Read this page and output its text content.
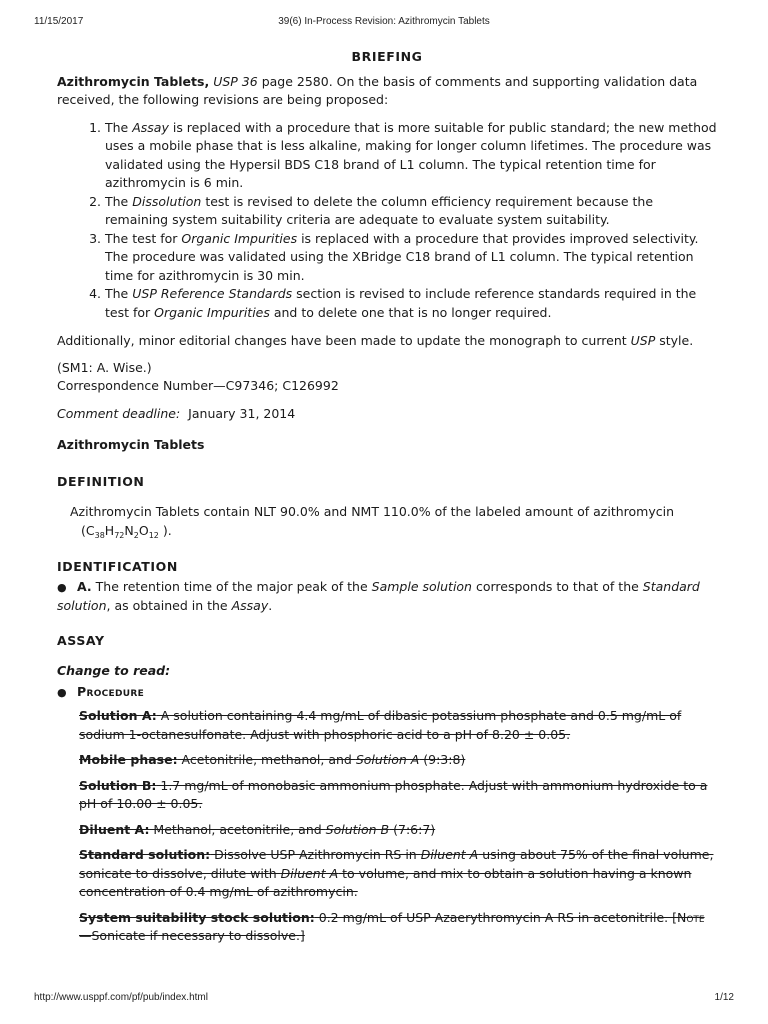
11/15/2017	39(6) In-Process Revision: Azithromycin Tablets
BRIEFING

Azithromycin Tablets, USP 36 page 2580. On the basis of comments and supporting validation data received, the following revisions are being proposed:

1. The Assay is replaced with a procedure that is more suitable for public standard; the new method uses a mobile phase that is less alkaline, making for longer column lifetimes. The procedure was validated using the Hypersil BDS C18 brand of L1 column. The typical retention time for azithromycin is 6 min.
2. The Dissolution test is revised to delete the column efficiency requirement because the remaining system suitability criteria are adequate to evaluate system suitability.
3. The test for Organic Impurities is replaced with a procedure that provides improved selectivity. The procedure was validated using the XBridge C18 brand of L1 column. The typical retention time for azithromycin is 30 min.
4. The USP Reference Standards section is revised to include reference standards required in the test for Organic Impurities and to delete one that is no longer required.

Additionally, minor editorial changes have been made to update the monograph to current USP style.

(SM1: A. Wise.)

Correspondence Number—C97346; C126992

Comment deadline: January 31, 2014

Azithromycin Tablets
DEFINITION
Azithromycin Tablets contain NLT 90.0% and NMT 110.0% of the labeled amount of azithromycin
($C_{38}H_{72}N_2O_{12}$ ).
IDENTIFICATION

● A. The retention time of the major peak of the Sample solution corresponds to that of the Standard solution, as obtained in the Assay.

ASSAY
Change to read:
● Procedure

Solution A: A solution containing 4.4 mg/mL of dibasic potassium phosphate and 0.5 mg/mL of sodium 1-octanesulfonate. Adjust with phosphoric acid to a pH of 8.20 ± 0.05.

Mobile phase: Acetonitrile, methanol, and Solution A (9:3:8)

Solution B: 1.7 mg/mL of monobasic ammonium phosphate. Adjust with ammonium hydroxide to a pH of 10.00 ± 0.05.

Diluent A: Methanol, acetonitrile, and Solution B (7:6:7)

Standard solution: Dissolve USP Azithromycin RS in Diluent A using about 75% of the final volume, sonicate to dissolve, dilute with Diluent A to volume, and mix to obtain a solution having a known concentration of 0.4 mg/mL of azithromycin.

System suitability stock solution: 0.2 mg/mL of USP Azaerythromycin A RS in acetonitrile. [Note—Sonicate if necessary to dissolve.]

http://www.usppf.com/pf/pub/index.html	1/12
